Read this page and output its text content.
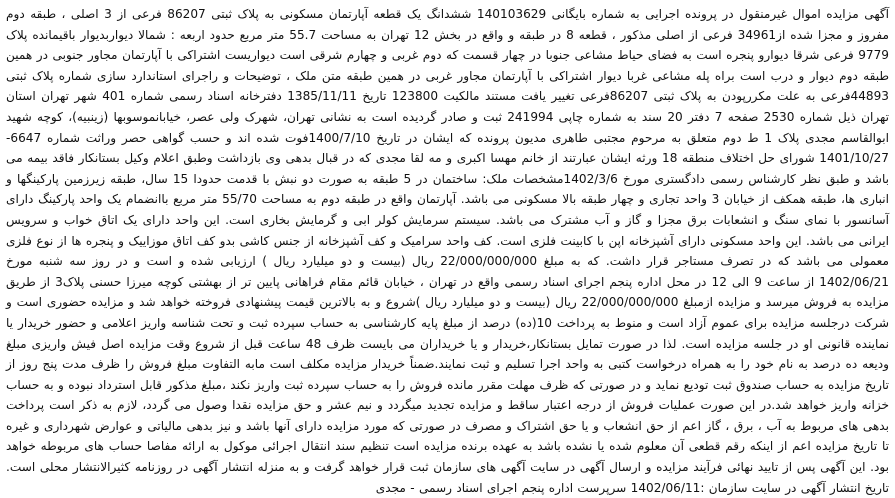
آگهی مزایده اموال غیرمنقول در پرونده اجرایی به شماره بایگانی 140103629 ششدانگ یک قطعه آپارتمان مسکونی به پلاک ثبتی 86207 فرعی از 3 اصلی ، طبقه دوم مفروز و مجزا شده از34961 فرعی از اصلی مذکور ، قطعه 8 در طبقه و واقع در بخش 12 تهران به مساحت 55.7 متر مربع حدود اربعه : شمالا دیواربدیوار باقیمانده پلاک 9779 فرعی شرقا دیوارو پنجره است به فضای حیاط مشاعی جنوبا در چهار قسمت که دوم غربی و چهارم شرقی است دیواریست اشتراکی با آپارتمان مجاور جنوبی در همین طبقه دوم دیوار و درب است براه پله مشاعی غربا دیوار اشتراکی با آپارتمان مجاور غربی در همین طبقه متن ملک ، توضیحات و راجرای استاندارد سازی شماره پلاک ثبتی 44893فرعی به علت مکررپودن به پلاک ثبتی 86207فرعی تغییر یافت مستند مالکیت 123800 تاریخ 1385/11/11 دفترخانه اسناد رسمی شماره 401 شهر تهران استان تهران ذیل شماره 2530 صفحه 7 دفتر 20 سند به شماره چاپی 241994 ثبت و صادر گردیده است به نشانی تهران، شهرک ولی عصر، خیابانموسوبها (زینبیه)، کوچه شهید ابوالقاسم مجدی پلاک 1 ط دوم متعلق به مرحوم مجتبی طاهری مدیون پرونده که ایشان در تاریخ 1400/7/10فوت شده اند و حسب گواهی حصر وراثت شماره 6647-1401/10/27 شورای حل اختلاف منطقه 18 ورثه ایشان عبارتند از خانم مهسا اکبری و مه لقا مجدی که در قبال بدهی وی بازداشت وطبق اعلام وکیل بستانکار فاقد بیمه می باشد و طبق نظر کارشناس رسمی دادگستری مورخ 1402/3/6مشخصات ملک: ساختمان در 5 طبقه به صورت دو نبش با قدمت حدودا 15 سال، طبقه زیرزمین پارکینگها و انباری ها، طبقه همکف از خیابان 3 واحد تجاری و چهار طبقه بالا مسکونی می باشد. آپارتمان واقع در طبقه دوم به مساحت 55/70 متر مربع باانضمام یک واحد پارکینگ دارای آسانسور با نمای سنگ و انشعابات برق مجزا و گاز و آب مشترک می باشد. سیستم سرمایش کولر ابی و گرمایش بخاری است. این واحد دارای یک اتاق خواب و سرویس ایرانی می باشد. این واحد مسکونی دارای آشپزخانه اپن با کابینت فلزی است. کف واحد سرامیک و کف آشپزخانه از جنس کاشی بدو کف اتاق موزاییک و پنجره ها از نوع فلزی معمولی می باشد که در تصرف مستاجر قرار داشت. که به مبلغ 22/000/000/000 ریال (بیست و دو میلیارد ریال ) ارزیابی شده و است و در روز سه شنبه مورخ 1402/06/21 از ساعت 9 الی 12 در محل اداره پنجم اجرای اسناد رسمی واقع در تهران ، خیابان قائم مقام فراهانی پایین تر از بهشتی کوچه میرزا حسنی پلاک3 از طریق مزایده به فروش میرسد و مزایده ازمبلغ 22/000/000/000 ریال (بیست و دو میلیارد ریال )شروع و به بالاترین قیمت پیشنهادی فروخته خواهد شد و مزایده حضوری است و شرکت درجلسه مزایده برای عموم آزاد است و منوط به پرداخت 10(ده) درصد از مبلغ پایه کارشناسی به حساب سپرده ثبت و تحت شناسه واریز اعلامی و حضور خریدار یا نماینده قانونی او در جلسه مزایده است. لذا در صورت تمایل بستانکار،خریدار و یا خریداران می بایست ظرف 48 ساعت قبل از شروع وقت مزایده اصل فیش واریزی مبلغ ودیعه ده درصد به نام خود را به همراه درخواست کتبی به واحد اجرا تسلیم و ثبت نمایند.ضمناً خریدار مزایده مکلف است مابه التفاوت مبلغ فروش را ظرف مدت پنج روز از تاریخ مزایده به حساب صندوق ثبت تودیع نماید و در صورتی که ظرف مهلت مقرر مانده فروش را به حساب سپرده ثبت واریز نکند ،مبلغ مذکور قابل استرداد نبوده و به حساب خزانه واریز خواهد شد.در این صورت عملیات فروش از درجه اعتبار ساقط و مزایده تجدید میگردد و نیم عشر و حق مزایده نقدا وصول می گردد، لازم به ذکر است پرداخت بدهی های مربوط به آب ، برق ، گاز اعم از حق انشعاب و یا حق اشتراک و مصرف در صورتی که مورد مزایده دارای آنها باشد و نیز بدهی مالیاتی و عوارض شهرداری و غیره تا تاریخ مزایده اعم از اینکه رقم قطعی آن معلوم شده یا نشده باشد به عهده برنده مزایده است تنظیم سند انتقال اجرائی موکول به ارائه مفاصا حساب های مربوطه خواهد بود. این آگهی پس از تایید نهائی فرآیند مزایده و ارسال آگهی در سایت آگهی های سازمان ثبت قرار خواهد گرفت و به منزله انتشار آگهی در روزنامه کثیرالانتشار محلی است. تاریخ انتشار آگهی در سایت سازمان :1402/06/11 سرپرست اداره پنجم اجرای اسناد رسمی - مجدی
